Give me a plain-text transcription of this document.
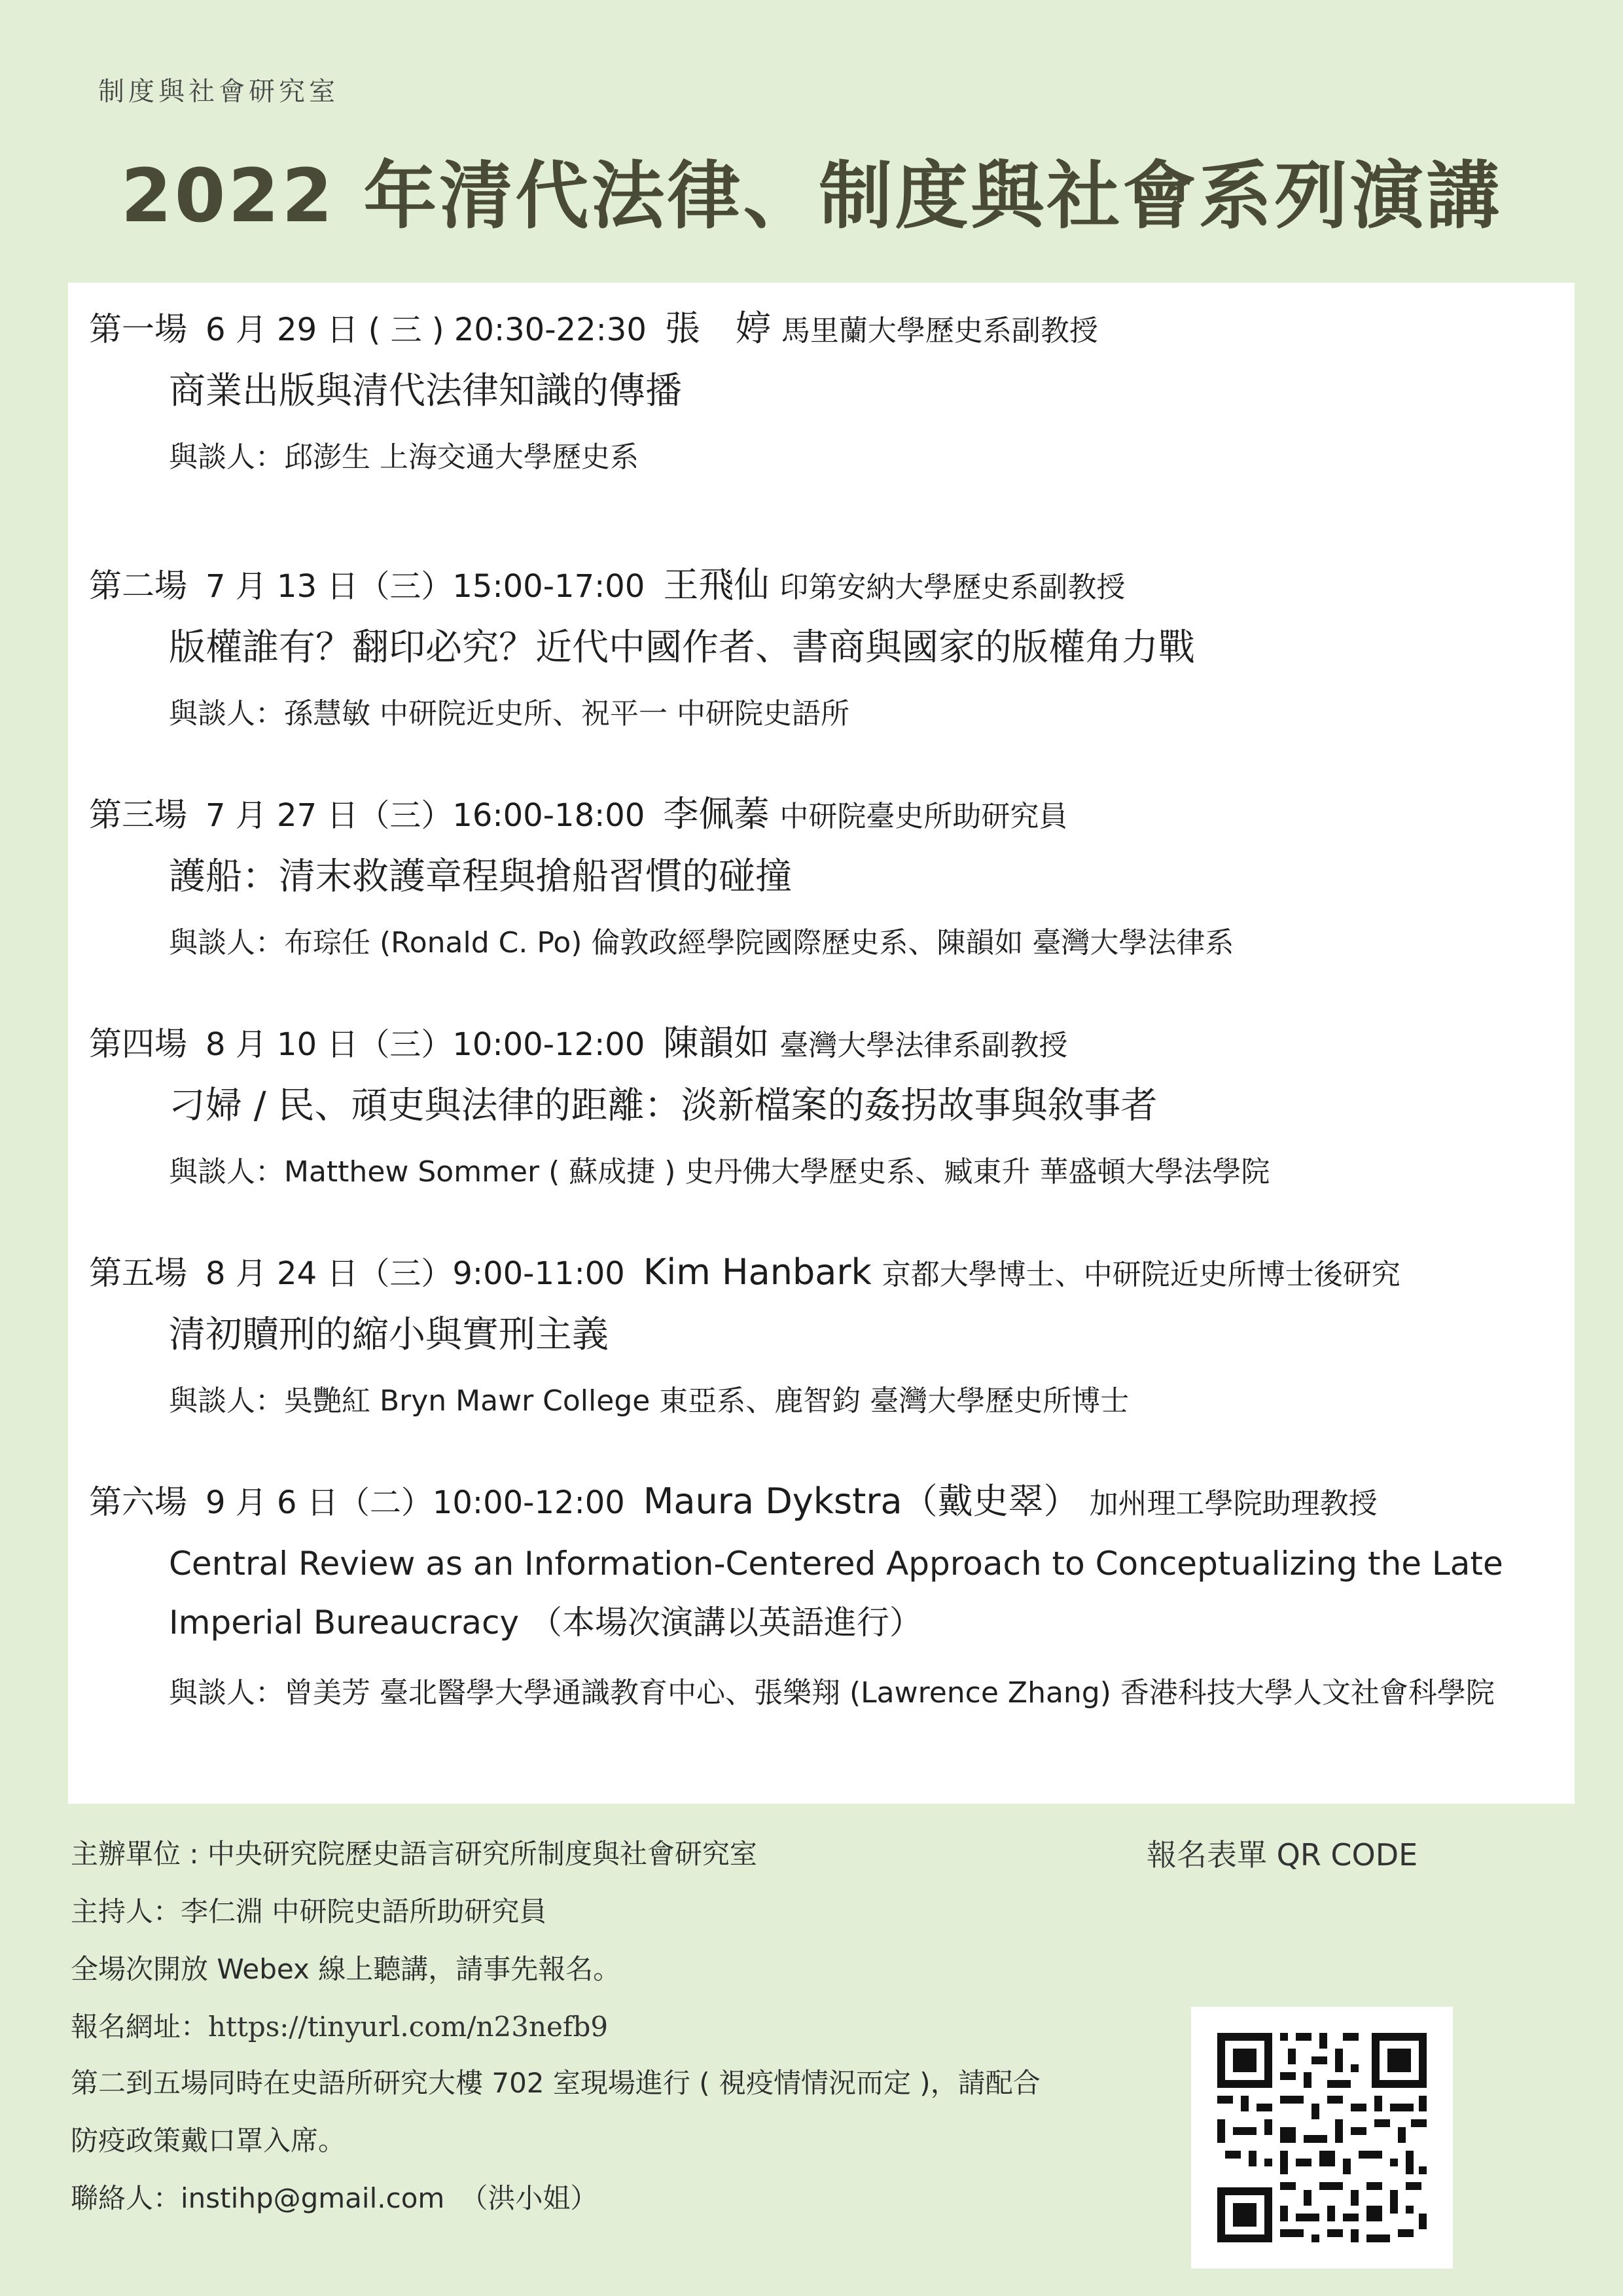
制度與社會研究室
2022 年清代法律、制度與社會系列演講
第一場 6 月 29 日 ( 三 ) 20:30-22:30 張　婷 馬里蘭大學歷史系副教授
商業出版與清代法律知識的傳播
與談人：邱澎生 上海交通大學歷史系
第二場 7 月 13 日（三）15:00-17:00 王飛仙 印第安納大學歷史系副教授
版權誰有？翻印必究？近代中國作者、書商與國家的版權角力戰
與談人：孫慧敏 中研院近史所、祝平一 中研院史語所
第三場 7 月 27 日（三）16:00-18:00 李佩蓁 中研院臺史所助研究員
護船：清末救護章程與搶船習慣的碰撞
與談人：布琮任 (Ronald C. Po) 倫敦政經學院國際歷史系、陳韻如 臺灣大學法律系
第四場 8 月 10 日（三）10:00-12:00 陳韻如 臺灣大學法律系副教授
刁婦 / 民、頑吏與法律的距離：淡新檔案的姦拐故事與敘事者
與談人：Matthew Sommer ( 蘇成捷 ) 史丹佛大學歷史系、臧東升 華盛頓大學法學院
第五場 8 月 24 日（三）9:00-11:00 Kim Hanbark 京都大學博士、中研院近史所博士後研究
清初贖刑的縮小與實刑主義
與談人：吳艷紅 Bryn Mawr College 東亞系、鹿智鈞 臺灣大學歷史所博士
第六場 9 月 6 日（二）10:00-12:00 Maura Dykstra（戴史翠） 加州理工學院助理教授
Central Review as an Information-Centered Approach to Conceptualizing the Late Imperial Bureaucracy （本場次演講以英語進行）
與談人：曾美芳 臺北醫學大學通識教育中心、張樂翔 (Lawrence Zhang) 香港科技大學人文社會科學院
主辦單位 : 中央研究院歷史語言研究所制度與社會研究室
主持人：李仁淵 中研院史語所助研究員
全場次開放 Webex 線上聽講，請事先報名。
報名網址：https://tinyurl.com/n23nefb9
第二到五場同時在史語所研究大樓 702 室現場進行 ( 視疫情情況而定 )，請配合
防疫政策戴口罩入席。
聯絡人：instihp@gmail.com （洪小姐）
報名表單 QR CODE
